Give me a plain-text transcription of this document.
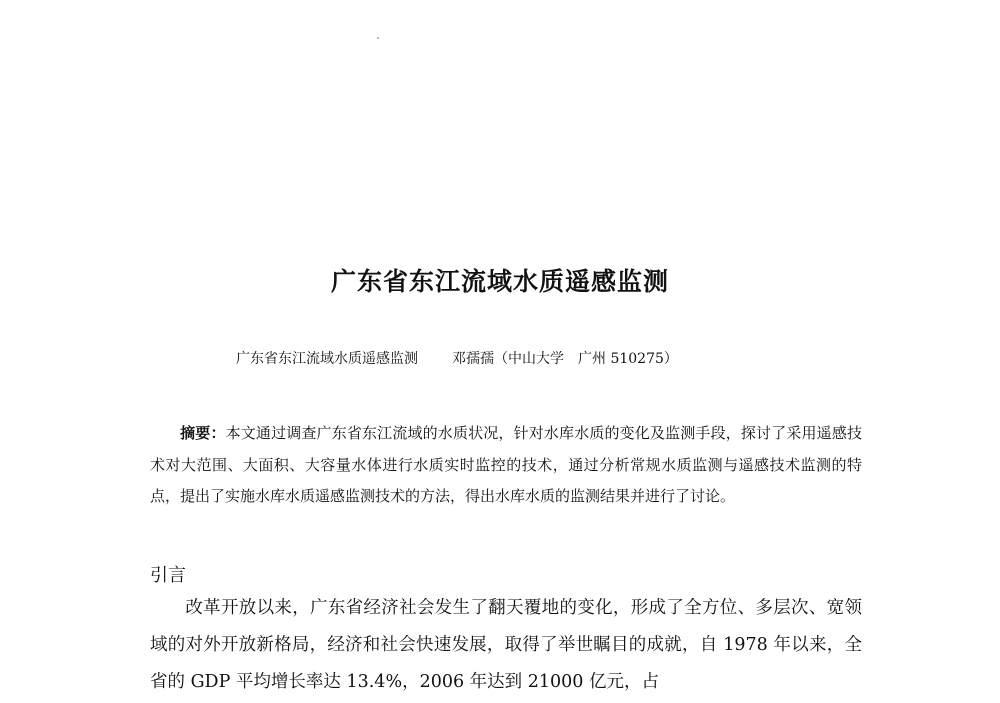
广东省东江流域水质遥感监测
广东省东江流域水质遥感监测 邓孺孺（中山大学　广州 510275）

摘要：本文通过调查广东省东江流域的水质状况，针对水库水质的变化及监测手段，探讨了采用遥感技术对大范围、大面积、大容量水体进行水质实时监控的技术，通过分析常规水质监测与遥感技术监测的特点，提出了实施水库水质遥感监测技术的方法，得出水库水质的监测结果并进行了讨论。

引言

改革开放以来，广东省经济社会发生了翻天覆地的变化，形成了全方位、多层次、宽领域的对外开放新格局，经济和社会快速发展，取得了举世瞩目的成就，自 1978 年以来，全省的 GDP 平均增长率达 13.4%，2006 年达到 21000 亿元，占
